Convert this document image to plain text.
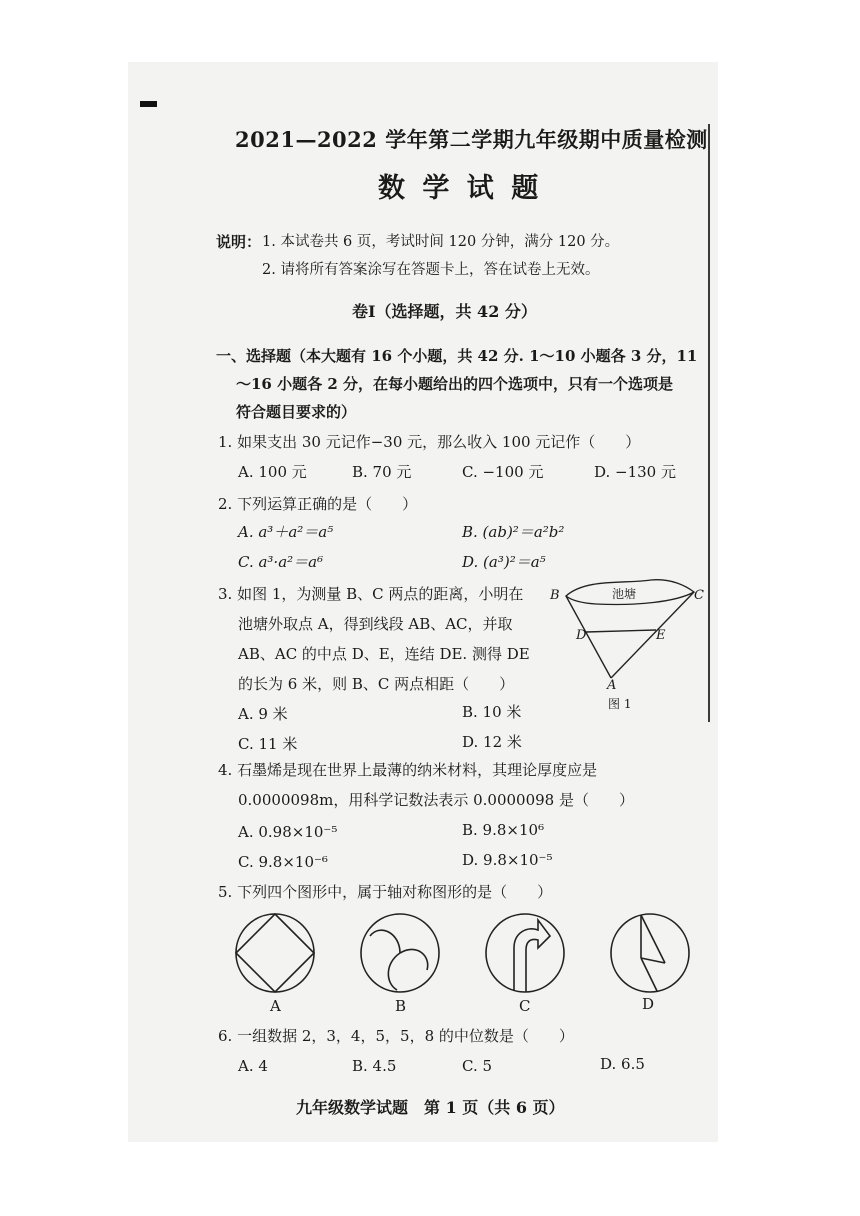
2021—2022 学年第二学期九年级期中质量检测
数 学 试 题
说明： 1. 本试卷共 6 页，考试时间 120 分钟，满分 120 分。
2. 请将所有答案涂写在答题卡上，答在试卷上无效。
卷Ⅰ（选择题，共 42 分）
一、选择题（本大题有 16 个小题，共 42 分. 1～10 小题各 3 分，11
～16 小题各 2 分，在每小题给出的四个选项中，只有一个选项是
符合题目要求的）
1. 如果支出 30 元记作−30 元，那么收入 100 元记作（　　）
A. 100 元	B. 70 元	C. −100 元	D. −130 元
2. 下列运算正确的是（　　）
A. a³＋a²＝a⁵	B. (ab)²＝a²b²
C. a³·a²＝a⁶	D. (a³)²＝a⁵
3. 如图 1，为测量 B、C 两点的距离，小明在
池塘外取点 A，得到线段 AB、AC，并取
AB、AC 的中点 D、E，连结 DE. 测得 DE
的长为 6 米，则 B、C 两点相距（　　）
A. 9 米	B. 10 米
C. 11 米	D. 12 米
池塘
B	C
D	E
A
图 1
4. 石墨烯是现在世界上最薄的纳米材料，其理论厚度应是
0.0000098m，用科学记数法表示 0.0000098 是（　　）
A. 0.98×10⁻⁵	B. 9.8×10⁶
C. 9.8×10⁻⁶	D. 9.8×10⁻⁵
5. 下列四个图形中，属于轴对称图形的是（　　）
A	B	C	D
6. 一组数据 2，3，4，5，5，8 的中位数是（　　）
A. 4	B. 4.5	C. 5	D. 6.5
九年级数学试题　第 1 页（共 6 页）
